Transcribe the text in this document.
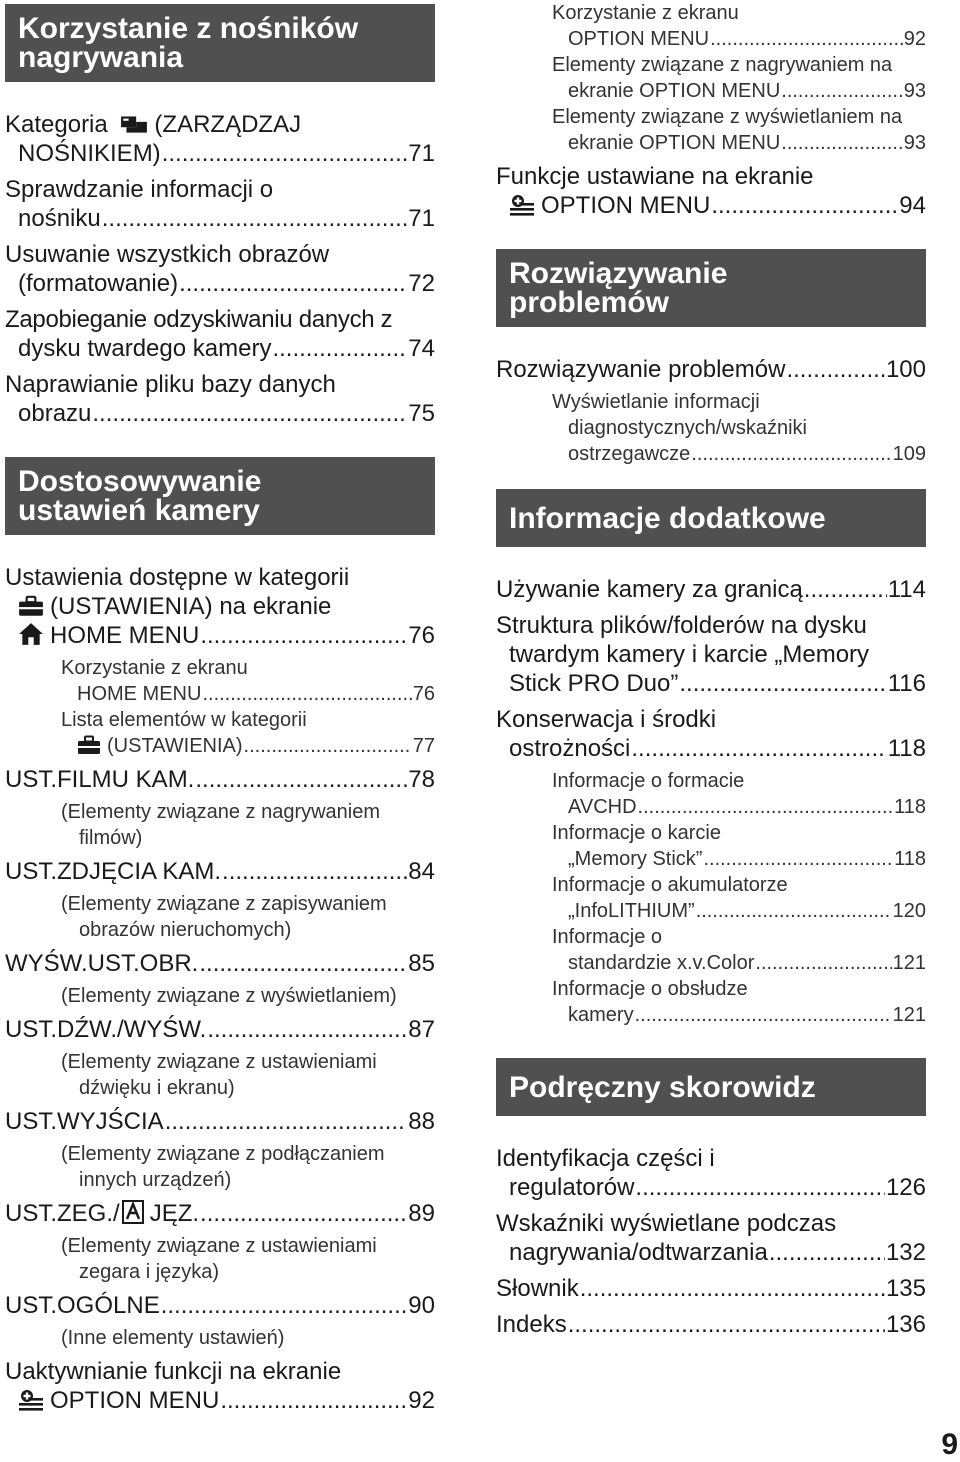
Korzystanie z nośników
nagrywania
Kategoria (ZARZĄDZAJ
NOŚNIKIEM) .....	71
Sprawdzanie informacji o
nośniku .....	71
Usuwanie wszystkich obrazów
(formatowanie) .....	72
Zapobieganie odzyskiwaniu danych z
dysku twardego kamery .....	74
Naprawianie pliku bazy danych
obrazu .....	75
Dostosowywanie
ustawień kamery
Ustawienia dostępne w kategorii
(USTAWIENIA) na ekranie
HOME MENU .....	76
Korzystanie z ekranu
HOME MENU .....	76
Lista elementów w kategorii
(USTAWIENIA) .....	77
UST.FILMU KAM. .....	78
(Elementy związane z nagrywaniem
filmów)
UST.ZDJĘCIA KAM. .....	84
(Elementy związane z zapisywaniem
obrazów nieruchomych)
WYŚW.UST.OBR. .....	85
(Elementy związane z wyświetlaniem)
UST.DŹW./WYŚW. .....	87
(Elementy związane z ustawieniami
dźwięku i ekranu)
UST.WYJŚCIA .....	88
(Elementy związane z podłączaniem
innych urządzeń)
UST.ZEG./ JĘZ. .....	89
(Elementy związane z ustawieniami
zegara i języka)
UST.OGÓLNE .....	90
(Inne elementy ustawień)
Uaktywnianie funkcji na ekranie
OPTION MENU .....	92
Korzystanie z ekranu
OPTION MENU .....	92
Elementy związane z nagrywaniem na
ekranie OPTION MENU .....	93
Elementy związane z wyświetlaniem na
ekranie OPTION MENU .....	93
Funkcje ustawiane na ekranie
OPTION MENU .....	94
Rozwiązywanie
problemów
Rozwiązywanie problemów .....	100
Wyświetlanie informacji
diagnostycznych/wskaźniki
ostrzegawcze .....	109
Informacje dodatkowe
Używanie kamery za granicą .....	114
Struktura plików/folderów na dysku
twardym kamery i karcie „Memory
Stick PRO Duo” .....	116
Konserwacja i środki
ostrożności .....	118
Informacje o formacie
AVCHD .....	118
Informacje o karcie
„Memory Stick” .....	118
Informacje o akumulatorze
„InfoLITHIUM” .....	120
Informacje o
standardzie x.v.Color .....	121
Informacje o obsłudze
kamery .....	121
Podręczny skorowidz
Identyfikacja części i
regulatorów .....	126
Wskaźniki wyświetlane podczas
nagrywania/odtwarzania .....	132
Słownik .....	135
Indeks .....	136
9
